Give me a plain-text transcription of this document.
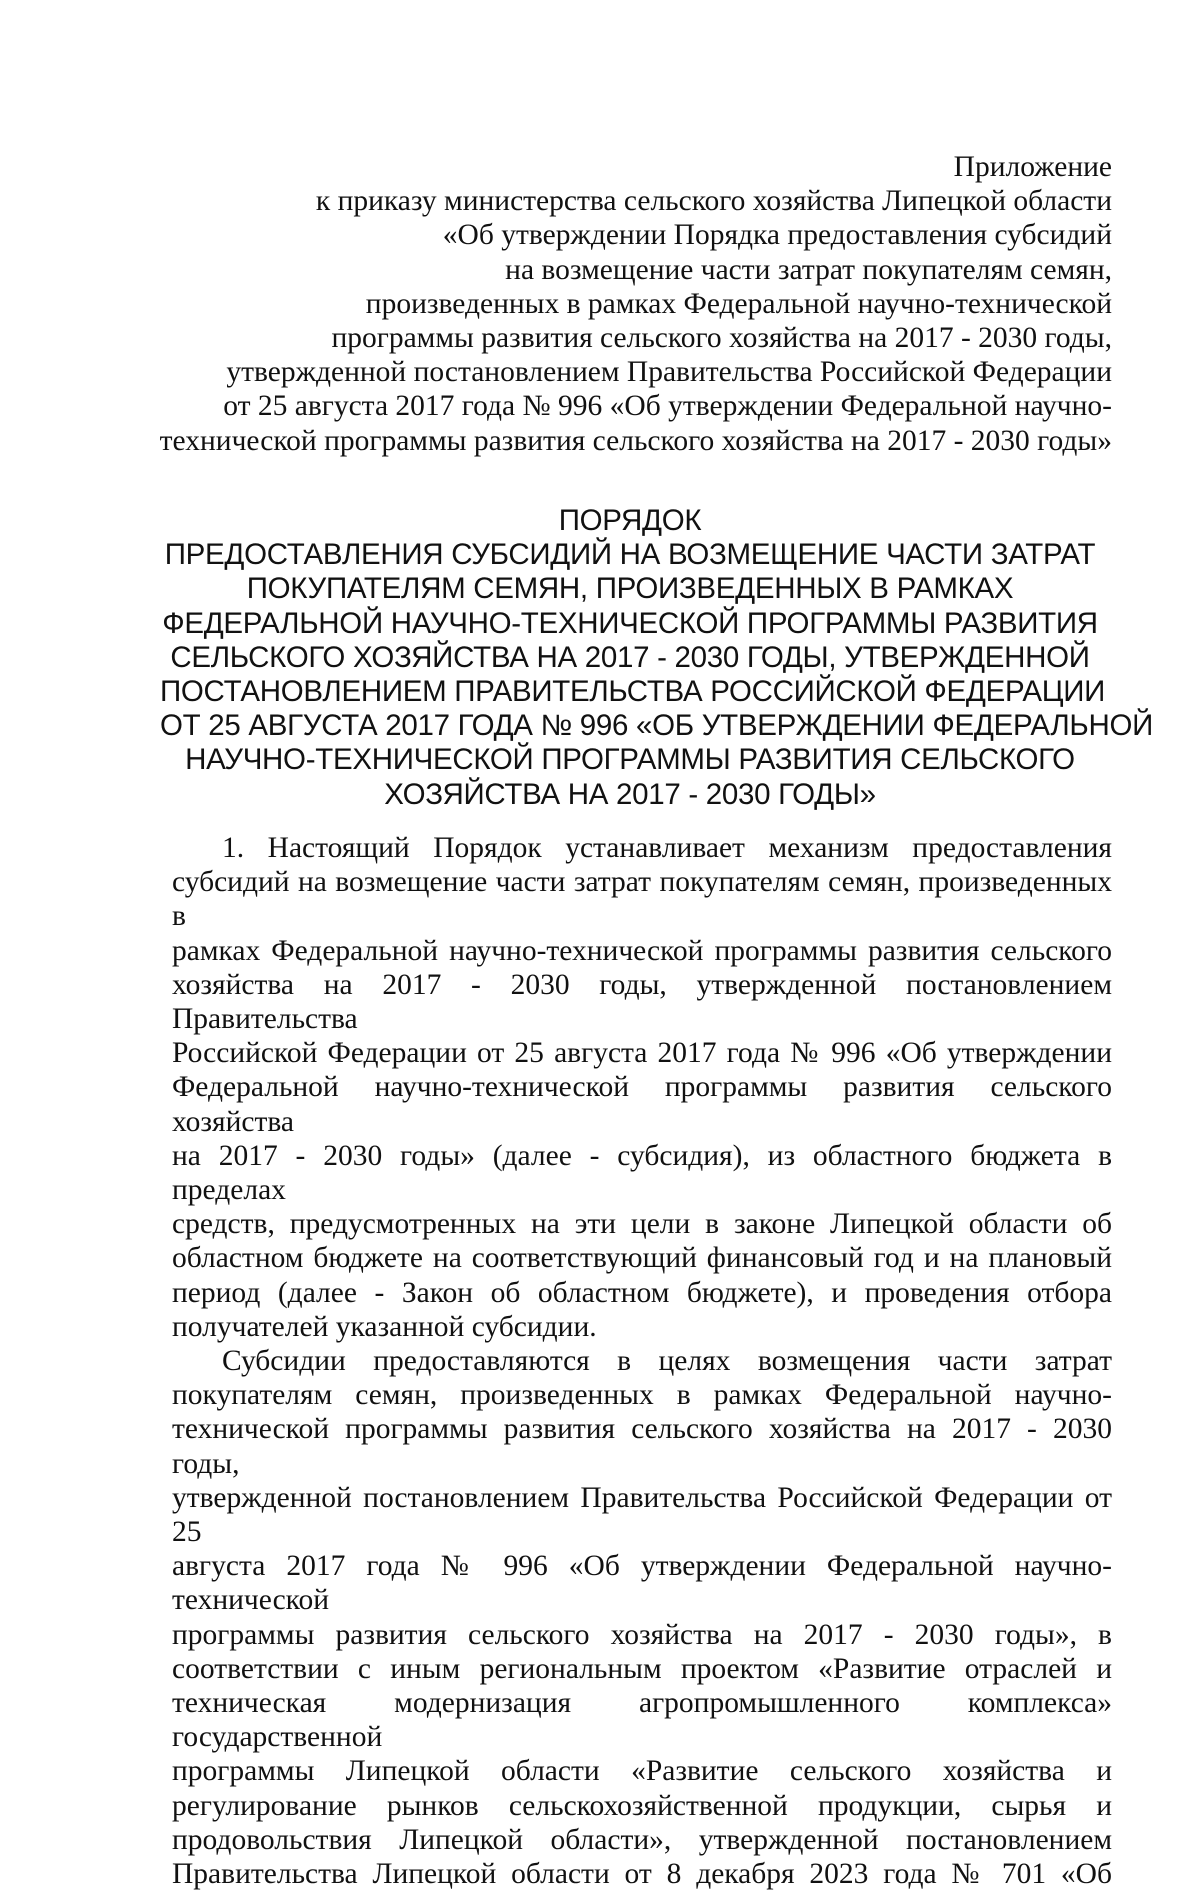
Приложение
к приказу министерства сельского хозяйства Липецкой области
«Об утверждении Порядка предоставления субсидий
на возмещение части затрат покупателям семян,
произведенных в рамках Федеральной научно-технической
программы развития сельского хозяйства на 2017 - 2030 годы,
утвержденной постановлением Правительства Российской Федерации
от 25 августа 2017 года № 996 «Об утверждении Федеральной научно-
технической программы развития сельского хозяйства на 2017 - 2030 годы»
ПОРЯДОК
ПРЕДОСТАВЛЕНИЯ СУБСИДИЙ НА ВОЗМЕЩЕНИЕ ЧАСТИ ЗАТРАТ
ПОКУПАТЕЛЯМ СЕМЯН, ПРОИЗВЕДЕННЫХ В РАМКАХ
ФЕДЕРАЛЬНОЙ НАУЧНО-ТЕХНИЧЕСКОЙ ПРОГРАММЫ РАЗВИТИЯ
СЕЛЬСКОГО ХОЗЯЙСТВА НА 2017 - 2030 ГОДЫ, УТВЕРЖДЕННОЙ
ПОСТАНОВЛЕНИЕМ ПРАВИТЕЛЬСТВА РОССИЙСКОЙ ФЕДЕРАЦИИ
ОТ 25 АВГУСТА 2017 ГОДА № 996 «ОБ УТВЕРЖДЕНИИ ФЕДЕРАЛЬНОЙ
НАУЧНО-ТЕХНИЧЕСКОЙ ПРОГРАММЫ РАЗВИТИЯ СЕЛЬСКОГО
ХОЗЯЙСТВА НА 2017 - 2030 ГОДЫ»
1. Настоящий Порядок устанавливает механизм предоставления
субсидий на возмещение части затрат покупателям семян, произведенных в
рамках Федеральной научно-технической программы развития сельского
хозяйства на 2017 - 2030 годы, утвержденной постановлением Правительства
Российской Федерации от 25 августа 2017 года № 996 «Об утверждении
Федеральной научно-технической программы развития сельского хозяйства
на 2017 - 2030 годы» (далее - субсидия), из областного бюджета в пределах
средств, предусмотренных на эти цели в законе Липецкой области об
областном бюджете на соответствующий финансовый год и на плановый
период (далее - Закон об областном бюджете), и проведения отбора
получателей указанной субсидии.
Субсидии предоставляются в целях возмещения части затрат
покупателям семян, произведенных в рамках Федеральной научно-
технической программы развития сельского хозяйства на 2017 - 2030 годы,
утвержденной постановлением Правительства Российской Федерации от 25
августа 2017 года № 996 «Об утверждении Федеральной научно-технической
программы развития сельского хозяйства на 2017 - 2030 годы», в
соответствии с иным региональным проектом «Развитие отраслей и
техническая модернизация агропромышленного комплекса» государственной
программы Липецкой области «Развитие сельского хозяйства и
регулирование рынков сельскохозяйственной продукции, сырья и
продовольствия Липецкой области», утвержденной постановлением
Правительства Липецкой области от 8 декабря 2023 года № 701 «Об
